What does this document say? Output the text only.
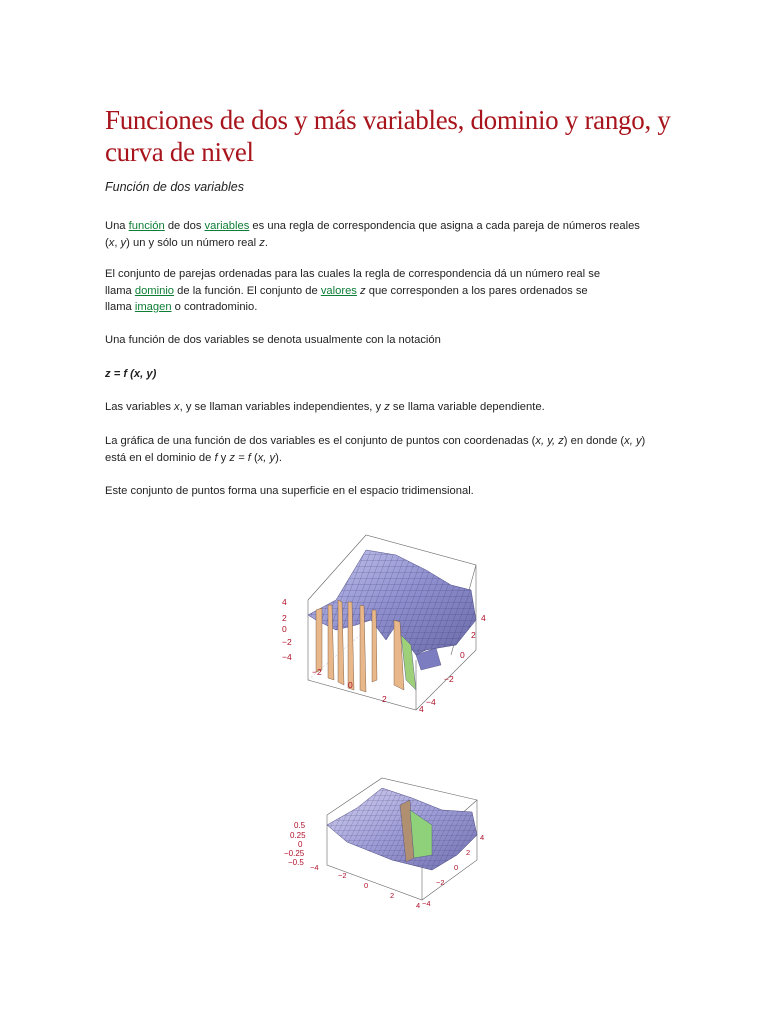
Funciones de dos y más variables, dominio y rango, y curva de nivel
Función de dos variables

Una función de dos variables es una regla de correspondencia que asigna a cada pareja de números reales
(x, y) un y sólo un número real z.

El conjunto de parejas ordenadas para las cuales la regla de correspondencia dá un número real se
llama dominio de la función. El conjunto de valores z que corresponden a los pares ordenados se
llama imagen o contradominio.

Una función de dos variables se denota usualmente con la notación

z = f (x, y)

Las variables x, y se llaman variables independientes, y z se llama variable dependiente.

La gráfica de una función de dos variables es el conjunto de puntos con coordenadas (x, y, z) en donde (x, y)
está en el dominio de f y z = f (x, y).

Este conjunto de puntos forma una superficie en el espacio tridimensional.

4
2
0
−2
−4
−2
0
2
4
4
2
0
−2
−4
0.5
0.25
0
−0.25
−0.5
−4
−2
0
2
4
4
2
0
−2
−4
